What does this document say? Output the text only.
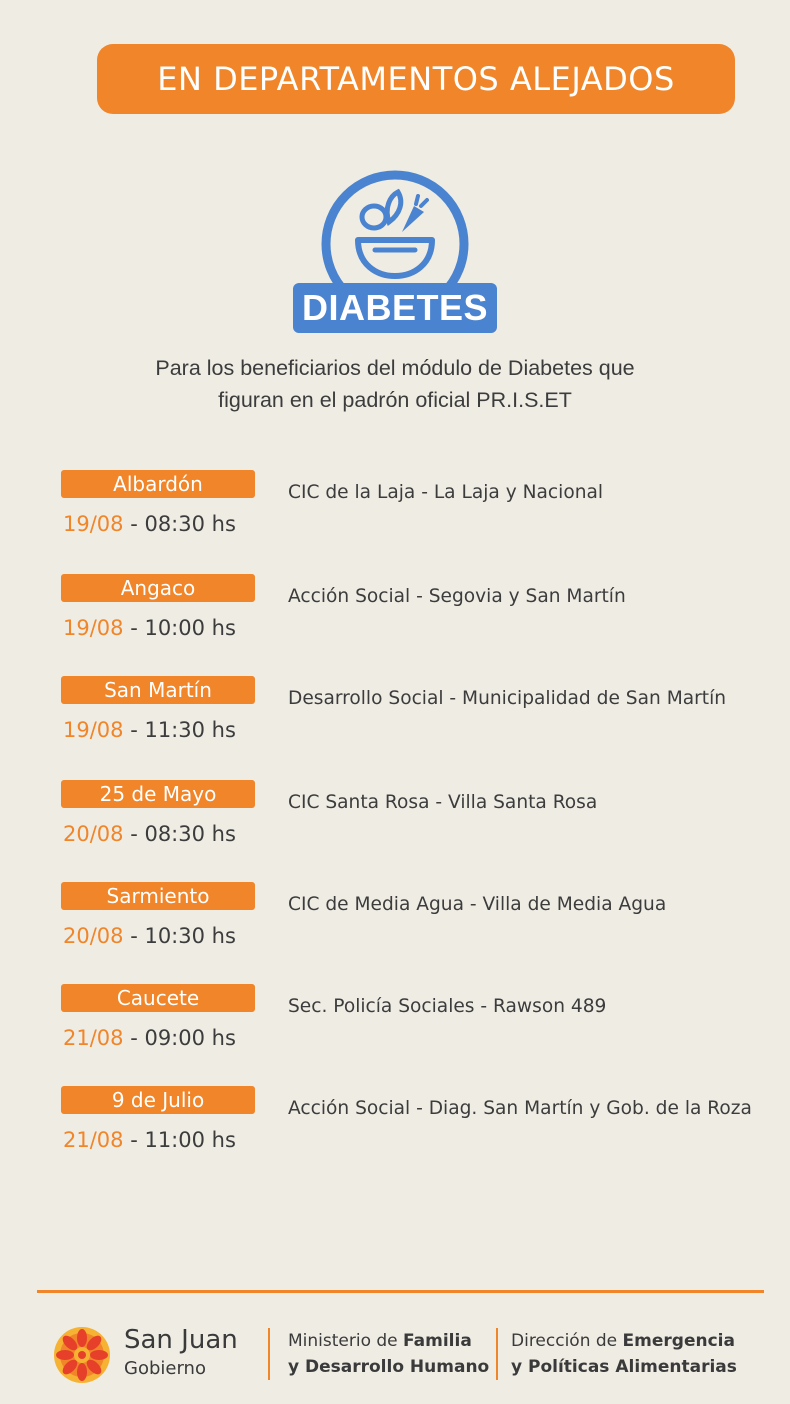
EN DEPARTAMENTOS ALEJADOS
DIABETES
Para los beneficiarios del módulo de Diabetes que
figuran en el padrón oficial PR.I.S.ET
Albardón
19/08 - 08:30 hs
CIC de la Laja - La Laja y Nacional
Angaco
19/08 - 10:00 hs
Acción Social - Segovia y San Martín
San Martín
19/08 - 11:30 hs
Desarrollo Social - Municipalidad de San Martín
25 de Mayo
20/08 - 08:30 hs
CIC Santa Rosa - Villa Santa Rosa
Sarmiento
20/08 - 10:30 hs
CIC de Media Agua - Villa de Media Agua
Caucete
21/08 - 09:00 hs
Sec. Policía Sociales - Rawson 489
9 de Julio
21/08 - 11:00 hs
Acción Social - Diag. San Martín y Gob. de la Roza
San Juan
Gobierno
Ministerio de Familia
y Desarrollo Humano
Dirección de Emergencia
y Políticas Alimentarias
